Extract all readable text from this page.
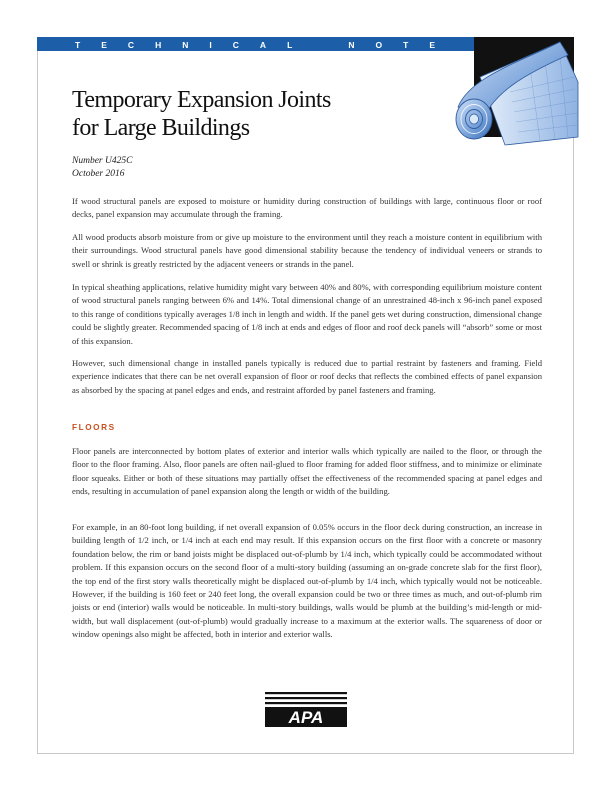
T E C H N I C A L	N O T E
Temporary Expansion Joints
for Large Buildings
Number U425C
October 2016

If wood structural panels are exposed to moisture or humidity during construction of buildings with large, continuous floor or roof decks, panel expansion may accumulate through the framing.

All wood products absorb moisture from or give up moisture to the environment until they reach a moisture content in equilibrium with their surroundings. Wood structural panels have good dimensional stability because the tendency of individual veneers or strands to swell or shrink is greatly restricted by the adjacent veneers or strands in the panel.

In typical sheathing applications, relative humidity might vary between 40% and 80%, with corresponding equilibrium moisture content of wood structural panels ranging between 6% and 14%. Total dimensional change of an unrestrained 48-inch x 96-inch panel exposed to this range of conditions typically averages 1/8 inch in length and width. If the panel gets wet during construction, dimensional change could be slightly greater. Recommended spacing of 1/8 inch at ends and edges of floor and roof deck panels will “absorb” some or most of this expansion.

However, such dimensional change in installed panels typically is reduced due to partial restraint by fasteners and framing. Field experience indicates that there can be net overall expansion of floor or roof decks that reflects the combined effects of panel expansion as absorbed by the spacing at panel edges and ends, and restraint afforded by panel fasteners and framing.

FLOORS

Floor panels are interconnected by bottom plates of exterior and interior walls which typically are nailed to the floor, or through the floor to the floor framing. Also, floor panels are often nail-glued to floor framing for added floor stiffness, and to minimize or eliminate floor squeaks. Either or both of these situations may partially offset the effectiveness of the recommended spacing at panel edges and ends, resulting in accumulation of panel expansion along the length or width of the building.

For example, in an 80-foot long building, if net overall expansion of 0.05% occurs in the floor deck during construction, an increase in building length of 1/2 inch, or 1/4 inch at each end may result. If this expansion occurs on the first floor with a concrete or masonry foundation below, the rim or band joists might be displaced out-of-plumb by 1/4 inch, which typically could be accommodated without problem. If this expansion occurs on the second floor of a multi-story building (assuming an on-grade concrete slab for the first floor), the top end of the first story walls theoretically might be displaced out-of-plumb by 1/4 inch, which typically would not be noticeable. However, if the building is 160 feet or 240 feet long, the overall expansion could be two or three times as much, and out-of-plumb rim joists or end (interior) walls would be noticeable. In multi-story buildings, walls would be plumb at the building’s mid-length or mid-width, but wall displacement (out-of-plumb) would gradually increase to a maximum at the exterior walls. The squareness of door or window openings also might be affected, both in interior and exterior walls.

APA
